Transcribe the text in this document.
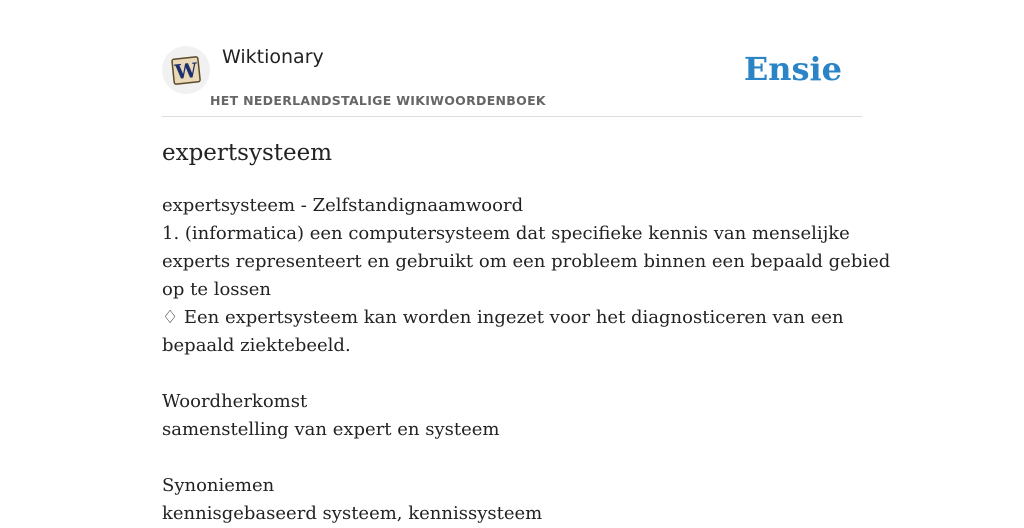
W
Wiktionary
HET NEDERLANDSTALIGE WIKIWOORDENBOEK
Ensie
expertsysteem
expertsysteem - Zelfstandignaamwoord
1. (informatica) een computersysteem dat specifieke kennis van menselijke
experts representeert en gebruikt om een probleem binnen een bepaald gebied
op te lossen
♢ Een expertsysteem kan worden ingezet voor het diagnosticeren van een
bepaald ziektebeeld.
Woordherkomst
samenstelling van expert en systeem
Synoniemen
kennisgebaseerd systeem, kennissysteem
